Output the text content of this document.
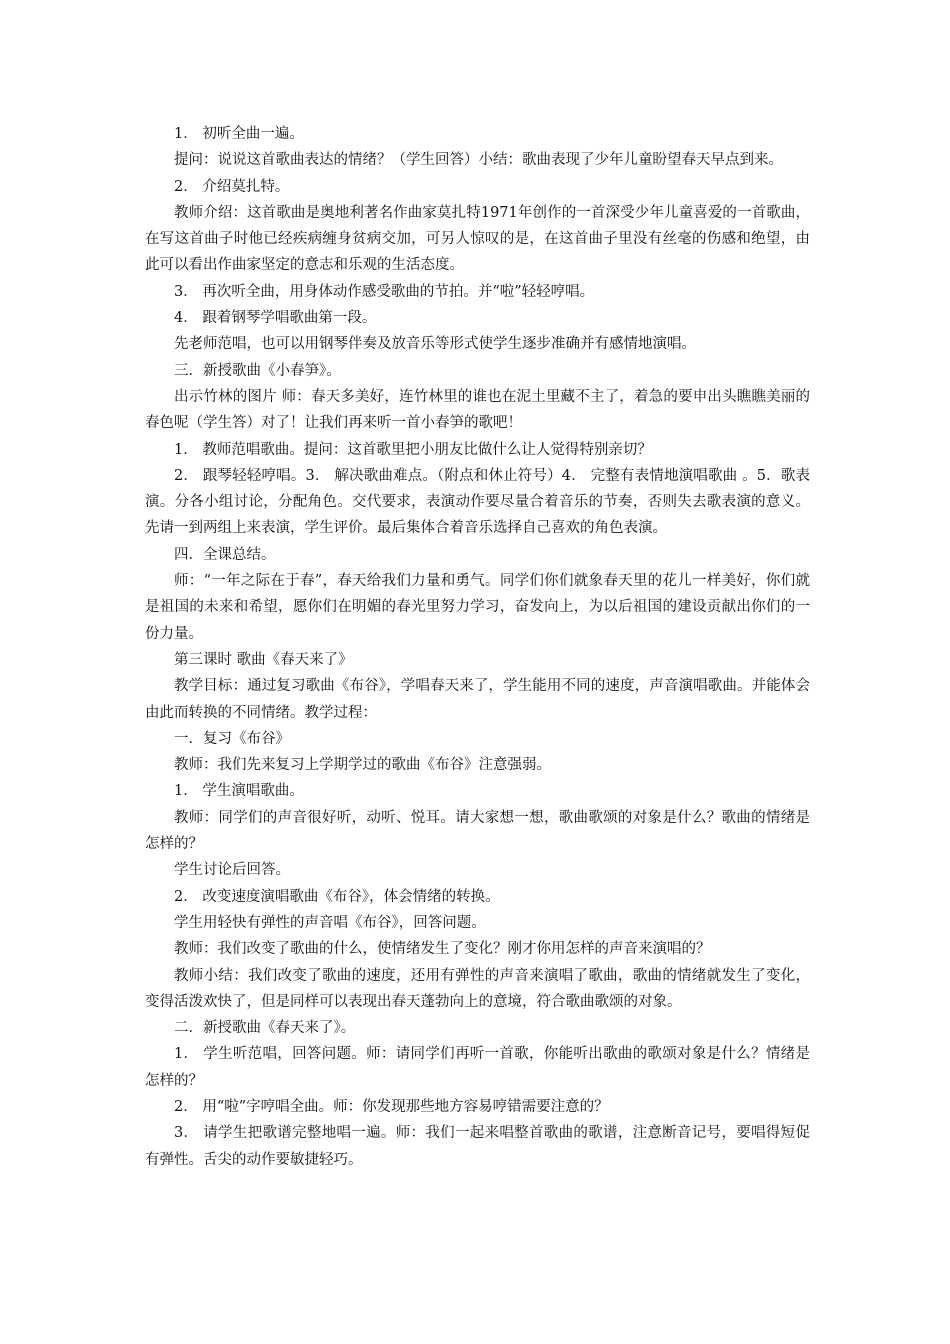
1． 初听全曲一遍。

提问：说说这首歌曲表达的情绪？（学生回答）小结：歌曲表现了少年儿童盼望春天早点到来。

2． 介绍莫扎特。

教师介绍：这首歌曲是奥地利著名作曲家莫扎特1971年创作的一首深受少年儿童喜爱的一首歌曲，在写这首曲子时他已经疾病缠身贫病交加，可另人惊叹的是，在这首曲子里没有丝毫的伤感和绝望，由此可以看出作曲家坚定的意志和乐观的生活态度。

3． 再次听全曲，用身体动作感受歌曲的节拍。并“啦”轻轻哼唱。

4． 跟着钢琴学唱歌曲第一段。

先老师范唱，也可以用钢琴伴奏及放音乐等形式使学生逐步准确并有感情地演唱。

三．新授歌曲《小春笋》。

出示竹林的图片 师：春天多美好，连竹林里的谁也在泥土里藏不主了，着急的要申出头瞧瞧美丽的春色呢（学生答）对了！让我们再来听一首小春笋的歌吧！

1． 教师范唱歌曲。提问：这首歌里把小朋友比做什么让人觉得特别亲切？

2． 跟琴轻轻哼唱。3． 解决歌曲难点。（附点和休止符号）4． 完整有表情地演唱歌曲 。5．歌表演。分各小组讨论，分配角色。交代要求，表演动作要尽量合着音乐的节奏，否则失去歌表演的意义。先请一到两组上来表演，学生评价。最后集体合着音乐选择自己喜欢的角色表演。

四．全课总结。

师：“一年之际在于春”，春天给我们力量和勇气。同学们你们就象春天里的花儿一样美好，你们就是祖国的未来和希望，愿你们在明媚的春光里努力学习，奋发向上，为以后祖国的建设贡献出你们的一份力量。

第三课时 歌曲《春天来了》

教学目标：通过复习歌曲《布谷》，学唱春天来了，学生能用不同的速度，声音演唱歌曲。并能体会由此而转换的不同情绪。教学过程：

一．复习《布谷》

教师：我们先来复习上学期学过的歌曲《布谷》注意强弱。

1． 学生演唱歌曲。

教师：同学们的声音很好听，动听、悦耳。请大家想一想，歌曲歌颂的对象是什么？歌曲的情绪是怎样的？

学生讨论后回答。

2． 改变速度演唱歌曲《布谷》，体会情绪的转换。

学生用轻快有弹性的声音唱《布谷》，回答问题。

教师：我们改变了歌曲的什么，使情绪发生了变化？刚才你用怎样的声音来演唱的？

教师小结：我们改变了歌曲的速度，还用有弹性的声音来演唱了歌曲，歌曲的情绪就发生了变化，变得活泼欢快了，但是同样可以表现出春天蓬勃向上的意境，符合歌曲歌颂的对象。

二．新授歌曲《春天来了》。

1． 学生听范唱，回答问题。师：请同学们再听一首歌，你能听出歌曲的歌颂对象是什么？情绪是怎样的？

2． 用“啦”字哼唱全曲。师：你发现那些地方容易哼错需要注意的？

3． 请学生把歌谱完整地唱一遍。师：我们一起来唱整首歌曲的歌谱，注意断音记号，要唱得短促有弹性。舌尖的动作要敏捷轻巧。
